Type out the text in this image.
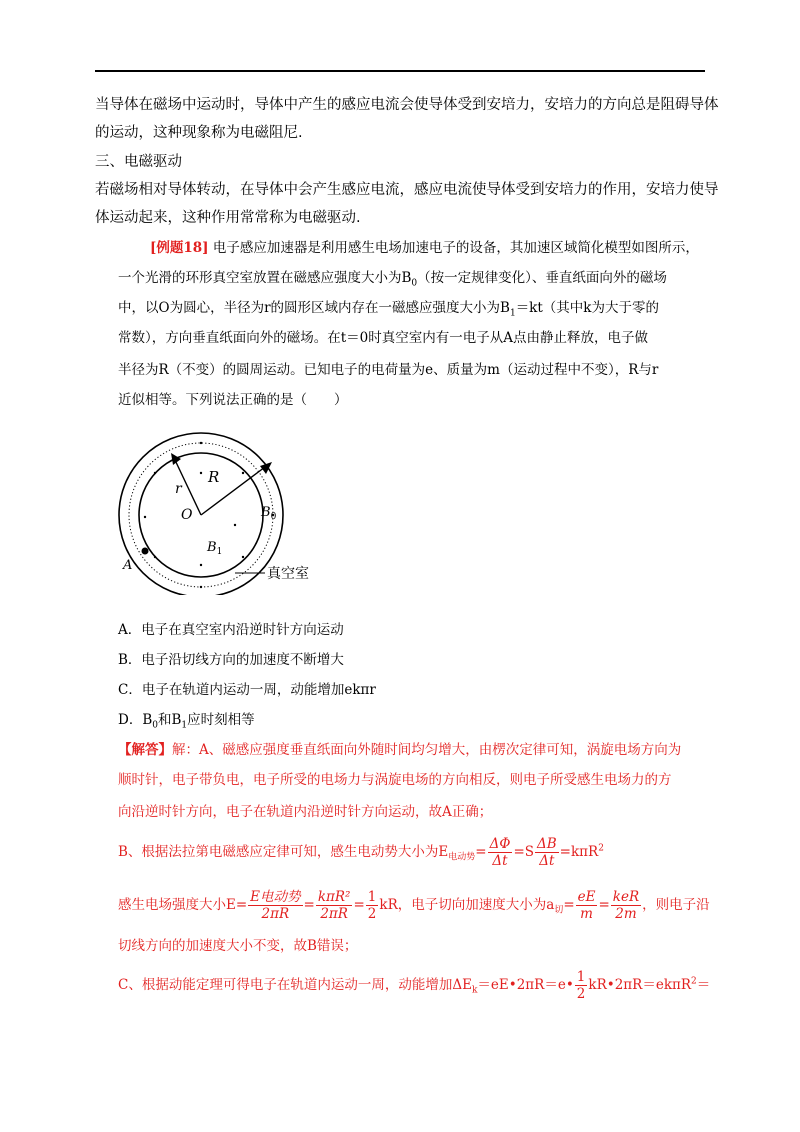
当导体在磁场中运动时，导体中产生的感应电流会使导体受到安培力，安培力的方向总是阻碍导体
的运动，这种现象称为电磁阻尼.
三、电磁驱动
若磁场相对导体转动，在导体中会产生感应电流，感应电流使导体受到安培力的作用，安培力使导
体运动起来，这种作用常常称为电磁驱动.
[例题18] 电子感应加速器是利用感生电场加速电子的设备，其加速区域简化模型如图所示，
一个光滑的环形真空室放置在磁感应强度大小为$B_0$（按一定规律变化）、垂直纸面向外的磁场
中，以O为圆心，半径为r的圆形区域内存在一磁感应强度大小为$B_1=kt$（其中k为大于零的
常数），方向垂直纸面向外的磁场。在t＝0时真空室内有一电子从A点由静止释放，电子做
半径为R（不变）的圆周运动。已知电子的电荷量为e、质量为m（运动过程中不变），R与r
近似相等。下列说法正确的是（　　）
R
r
O	$B_0$
$B_1$
A
真空室
A．电子在真空室内沿逆时针方向运动
B．电子沿切线方向的加速度不断增大
C．电子在轨道内运动一周，动能增加ekπr
D．$B_0$和$B_1$应时刻相等
【解答】解：A、磁感应强度垂直纸面向外随时间均匀增大，由楞次定律可知，涡旋电场方向为
顺时针，电子带负电，电子所受的电场力与涡旋电场的方向相反，则电子所受感生电场力的方
向沿逆时针方向，电子在轨道内沿逆时针方向运动，故A正确；
B、根据法拉第电磁感应定律可知，感生电动势大小为$E_{电动势}= \frac{\Delta\Phi}{\Delta t} =S \frac{\Delta B}{\Delta t} =k\pi R^2$
感生电场强度大小$E= \frac{\text{E电动势}}{2\pi R} = \frac{\text{kπR²}}{2\pi R} = \frac{1}{2}$ kR，电子切向加速度大小为$a_切= \frac{eE}{m} = \frac{\text{keR}}{2m}$ ，则电子沿
切线方向的加速度大小不变，故B错误；
C、根据动能定理可得电子在轨道内运动一周，动能增加$\Delta E_k=eE•2\pi R=e• \frac{1}{2}$ kR•2πR＝ekπR$^2$＝
